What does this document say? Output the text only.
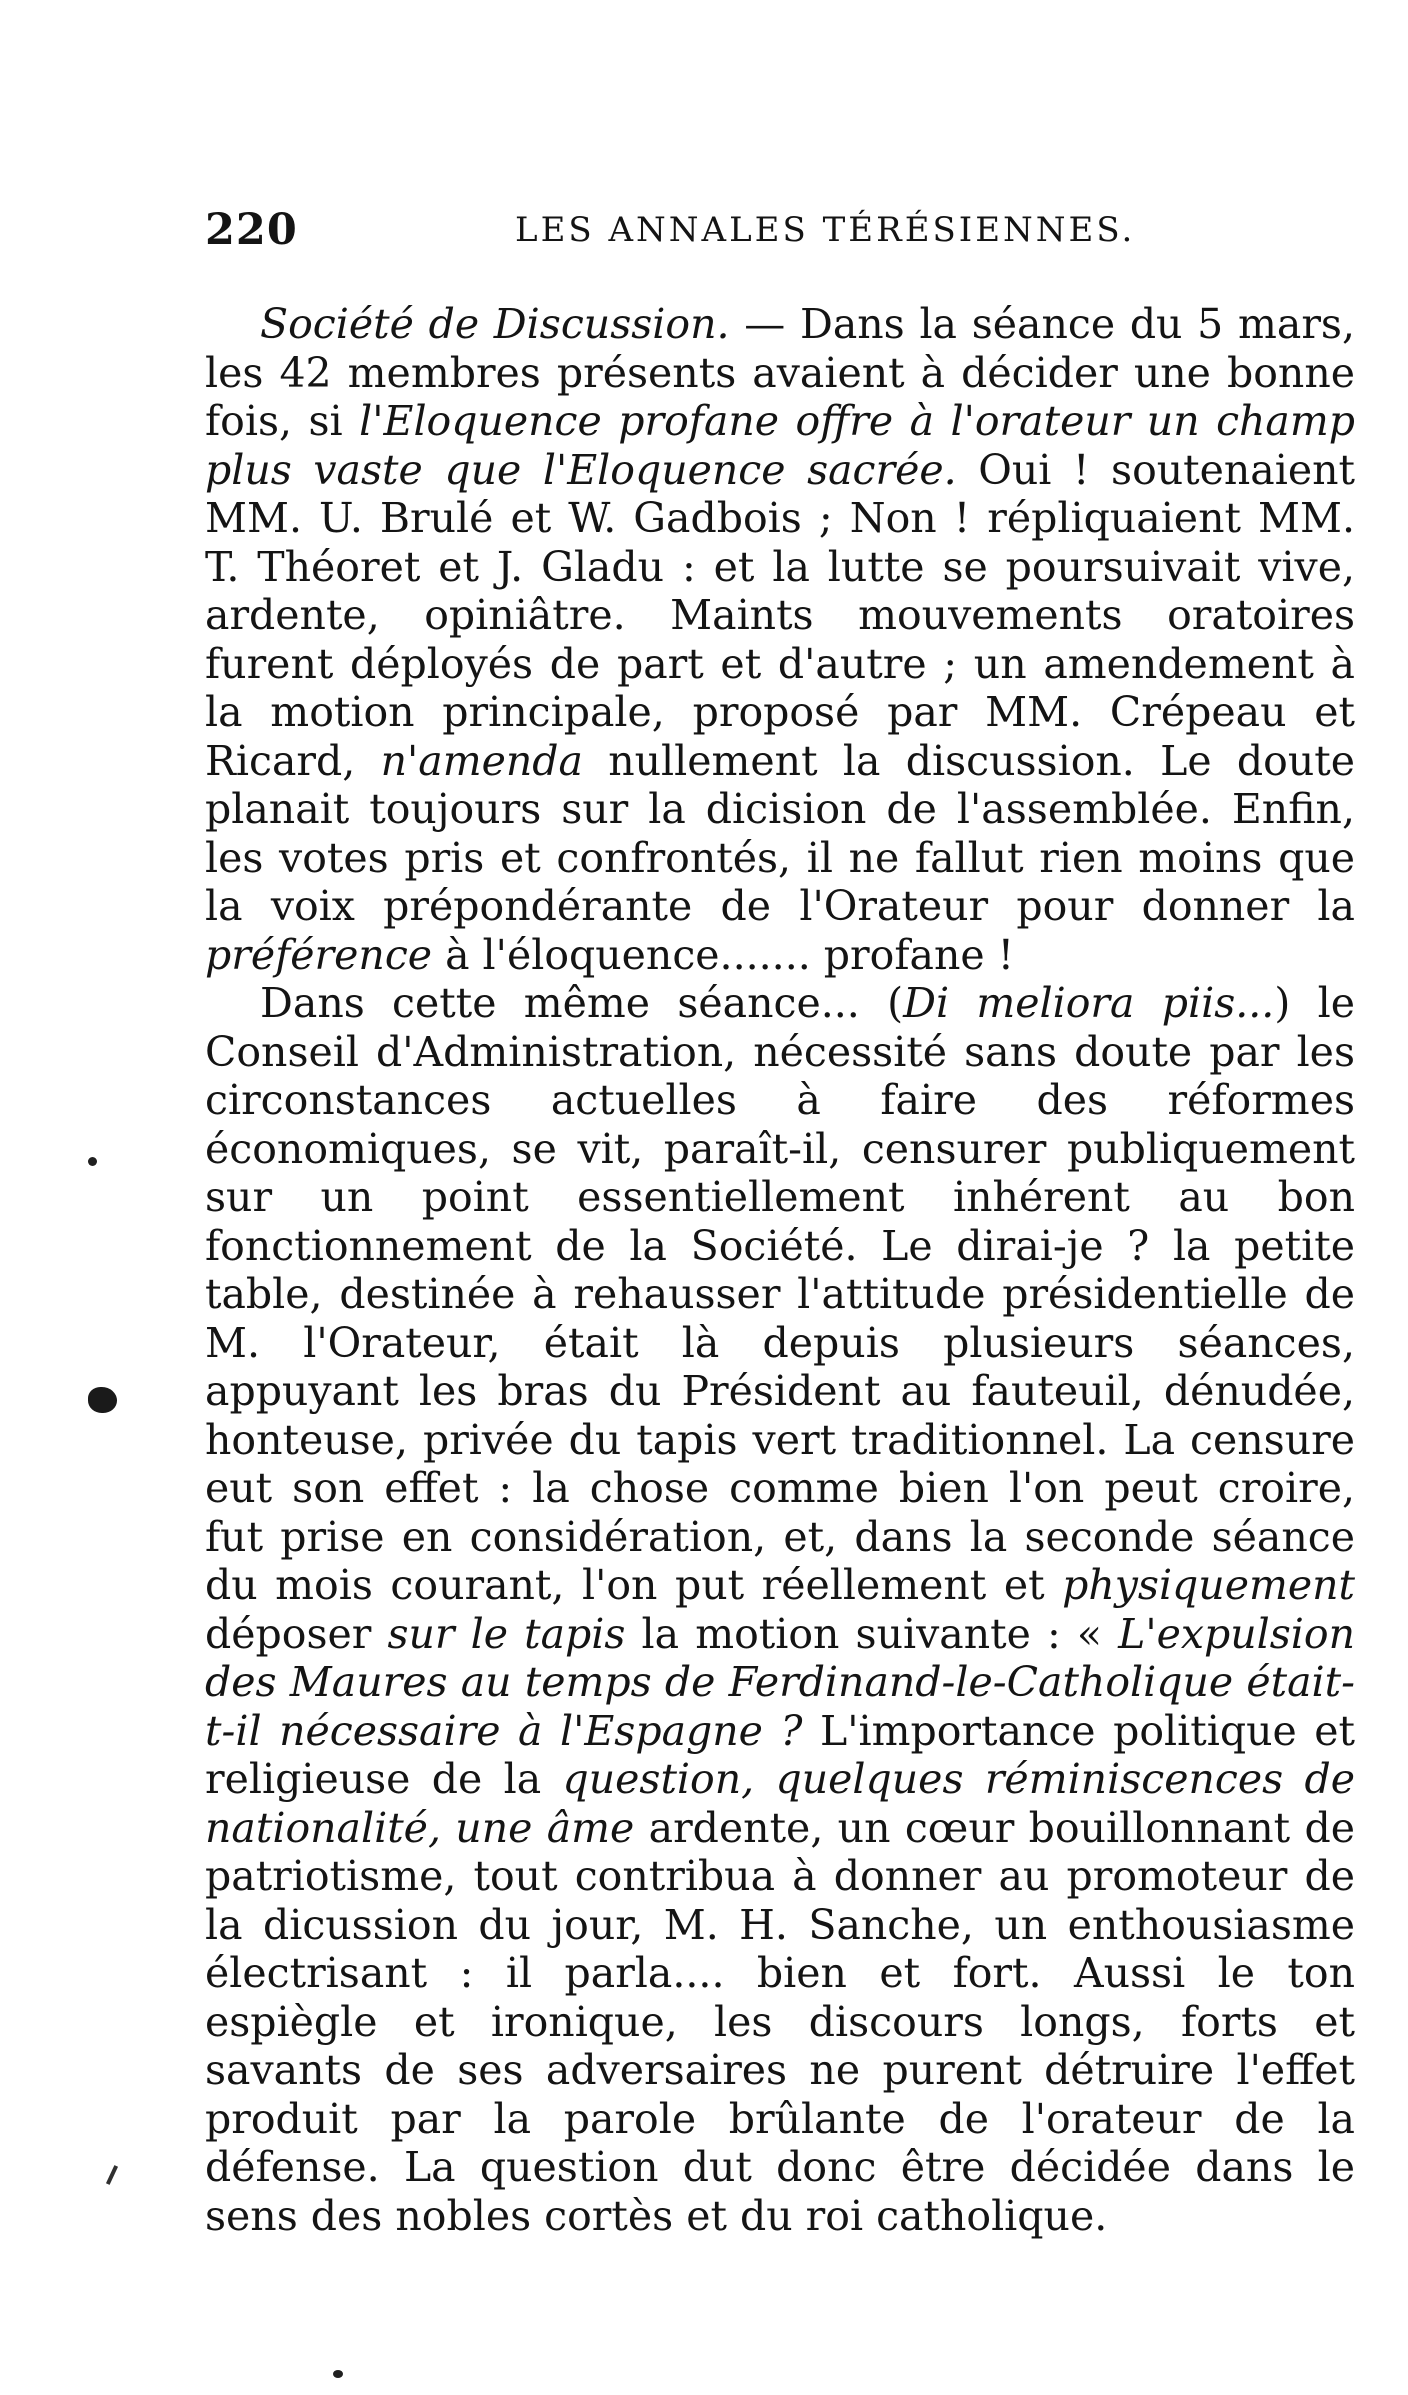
220	LES ANNALES TÉRÉSIENNES.

Société de Discussion. — Dans la séance du 5 mars, les 42 membres présents avaient à décider une bonne fois, si l'Eloquence profane offre à l'orateur un champ plus vaste que l'Eloquence sacrée. Oui ! soutenaient MM. U. Brulé et W. Gadbois ; Non ! répliquaient MM. T. Théoret et J. Gladu : et la lutte se poursuivait vive, ardente, opiniâtre. Maints mouvements oratoires furent déployés de part et d'autre ; un amendement à la motion principale, proposé par MM. Crépeau et Ricard, n'amenda nullement la discussion. Le doute planait toujours sur la dicision de l'assemblée. Enfin, les votes pris et confrontés, il ne fallut rien moins que la voix prépondérante de l'Orateur pour donner la préférence à l'éloquence....... profane !

Dans cette même séance... (Di meliora piis...) le Conseil d'Administration, nécessité sans doute par les circonstances actuelles à faire des réformes économiques, se vit, paraît-il, censurer publiquement sur un point essentiellement inhérent au bon fonctionnement de la Société. Le dirai-je ? la petite table, destinée à rehausser l'attitude présidentielle de M. l'Orateur, était là depuis plusieurs séances, appuyant les bras du Président au fauteuil, dénudée, honteuse, privée du tapis vert traditionnel. La censure eut son effet : la chose comme bien l'on peut croire, fut prise en considération, et, dans la seconde séance du mois courant, l'on put réellement et physiquement déposer sur le tapis la motion suivante : « L'expulsion des Maures au temps de Ferdinand-le-Catholique était-t-il nécessaire à l'Espagne ? L'importance politique et religieuse de la question, quelques réminiscences de nationalité, une âme ardente, un cœur bouillonnant de patriotisme, tout contribua à donner au promoteur de la dicussion du jour, M. H. Sanche, un enthousiasme électrisant : il parla.... bien et fort. Aussi le ton espiègle et ironique, les discours longs, forts et savants de ses adversaires ne purent détruire l'effet produit par la parole brûlante de l'orateur de la défense. La question dut donc être décidée dans le sens des nobles cortès et du roi catholique.
